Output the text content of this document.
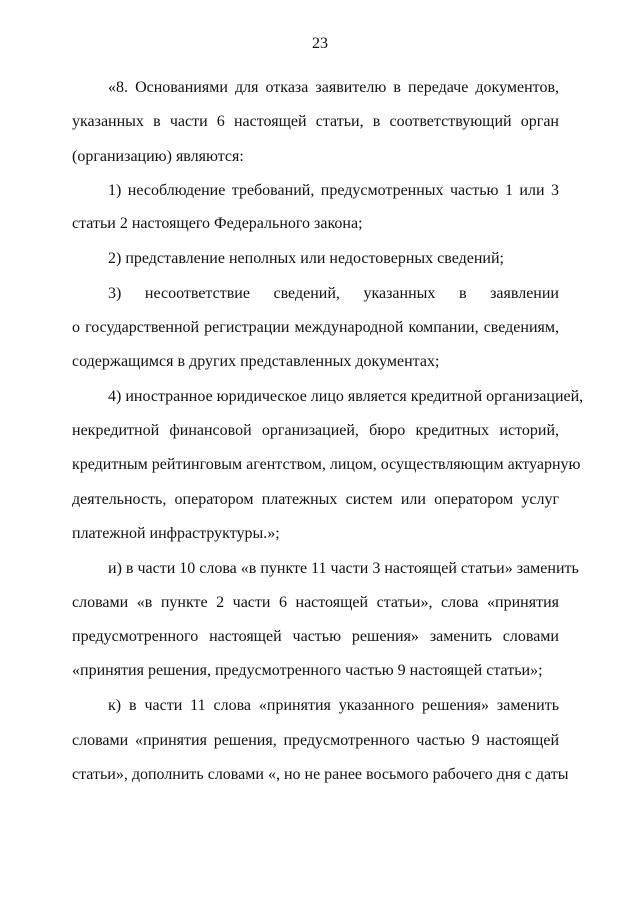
23
«8. Основаниями для отказа заявителю в передаче документов,
указанных в части 6 настоящей статьи, в соответствующий орган
(организацию) являются:
1) несоблюдение требований, предусмотренных частью 1 или 3
статьи 2 настоящего Федерального закона;
2) представление неполных или недостоверных сведений;
3) несоответствие сведений, указанных в заявлении
о государственной регистрации международной компании, сведениям,
содержащимся в других представленных документах;
4) иностранное юридическое лицо является кредитной организацией,
некредитной финансовой организацией, бюро кредитных историй,
кредитным рейтинговым агентством, лицом, осуществляющим актуарную
деятельность, оператором платежных систем или оператором услуг
платежной инфраструктуры.»;
и) в части 10 слова «в пункте 11 части 3 настоящей статьи» заменить
словами «в пункте 2 части 6 настоящей статьи», слова «принятия
предусмотренного настоящей частью решения» заменить словами
«принятия решения, предусмотренного частью 9 настоящей статьи»;
к) в части 11 слова «принятия указанного решения» заменить
словами «принятия решения, предусмотренного частью 9 настоящей
статьи», дополнить словами «, но не ранее восьмого рабочего дня с даты
